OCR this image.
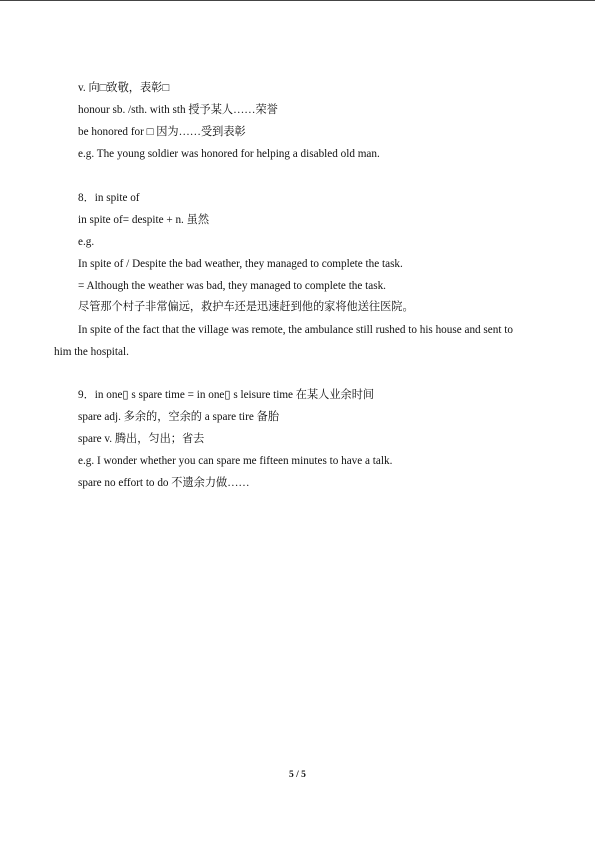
v. 向□致敬，表彰□
honour sb. /sth. with sth 授予某人……荣誉
be honored for □ 因为……受到表彰
e.g. The young soldier was honored for helping a disabled old man.
8．in spite of
in spite of= despite + n. 虽然
e.g.
In spite of / Despite the bad weather, they managed to complete the task.
= Although the weather was bad, they managed to complete the task.
尽管那个村子非常偏远，救护车还是迅速赶到他的家将他送往医院。
In spite of the fact that the village was remote, the ambulance still rushed to his house and sent to
him the hospital.
9．in one▯ s spare time = in one▯ s leisure time 在某人业余时间
spare adj. 多余的，空余的 a spare tire 备胎
spare v. 腾出，匀出；省去
e.g. I wonder whether you can spare me fifteen minutes to have a talk.
spare no effort to do 不遗余力做……
5 / 5
